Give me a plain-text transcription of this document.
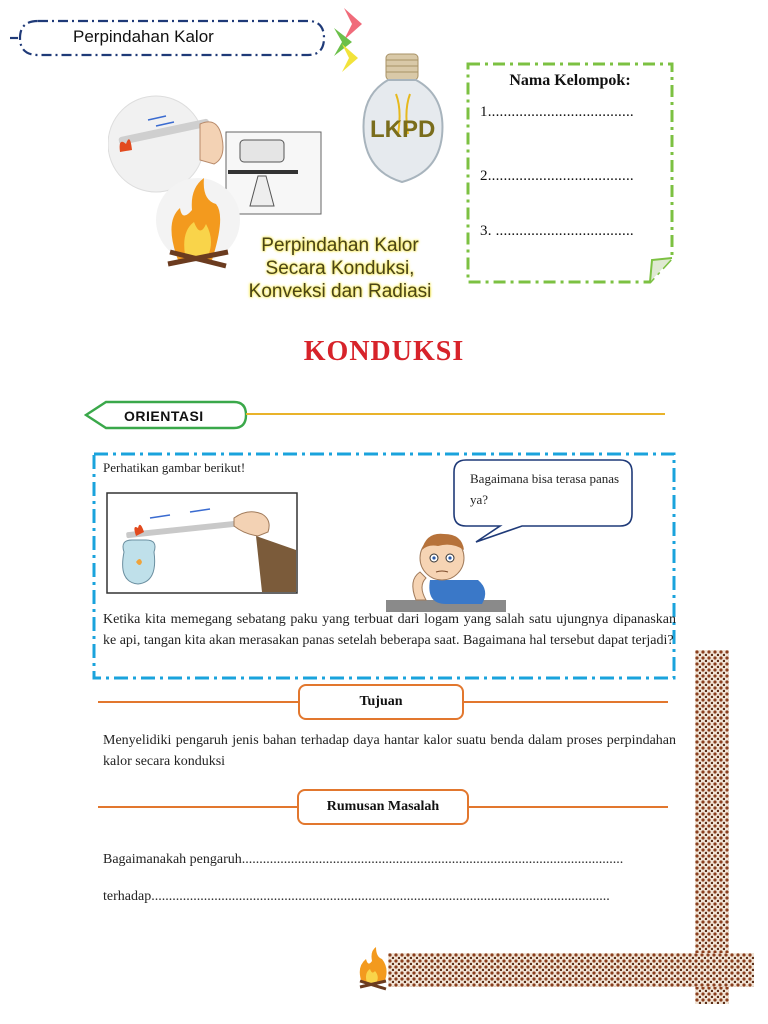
Perpindahan Kalor
LKPD
Perpindahan Kalor
Secara Konduksi,
Konveksi dan Radiasi
Nama Kelompok:
1.....................................
2.....................................
3. ...................................
KONDUKSI
ORIENTASI
Perhatikan gambar berikut!
Bagaimana bisa terasa panas ya?
Ketika kita memegang sebatang paku yang terbuat dari logam yang salah satu ujungnya dipanaskan ke api, tangan kita akan merasakan panas setelah beberapa saat. Bagaimana hal tersebut dapat terjadi?
Tujuan
Menyelidiki pengaruh jenis bahan terhadap daya hantar kalor suatu benda dalam proses perpindahan kalor secara konduksi
Rumusan Masalah
Bagaimanakah pengaruh.............................................................................................................
terhadap...................................................................................................................................
